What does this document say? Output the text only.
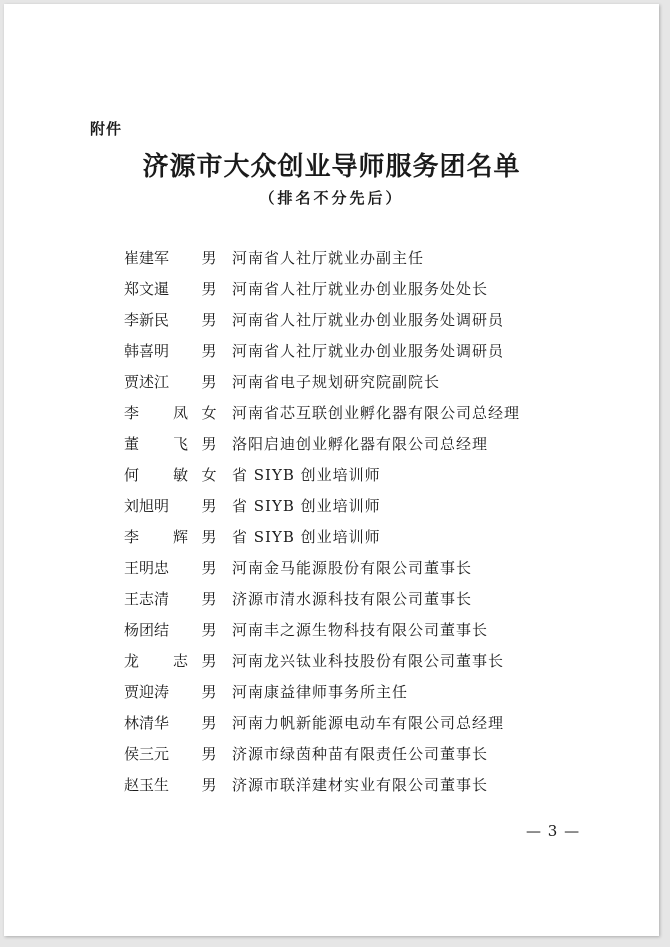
附件
济源市大众创业导师服务团名单
（排名不分先后）
崔建军	男	河南省人社厅就业办副主任
郑文暹	男	河南省人社厅就业办创业服务处处长
李新民	男	河南省人社厅就业办创业服务处调研员
韩喜明	男	河南省人社厅就业办创业服务处调研员
贾述江	男	河南省电子规划研究院副院长
李 凤 女	河南省芯互联创业孵化器有限公司总经理
董 飞 男	洛阳启迪创业孵化器有限公司总经理
何 敏 女	省 SIYB 创业培训师
刘旭明	男	省 SIYB 创业培训师
李 辉 男	省 SIYB 创业培训师
王明忠	男	河南金马能源股份有限公司董事长
王志清	男	济源市清水源科技有限公司董事长
杨团结	男	河南丰之源生物科技有限公司董事长
龙 志 男	河南龙兴钛业科技股份有限公司董事长
贾迎涛	男	河南康益律师事务所主任
林清华	男	河南力帆新能源电动车有限公司总经理
侯三元	男	济源市绿茵种苗有限责任公司董事长
赵玉生	男	济源市联洋建材实业有限公司董事长
— 3 —
